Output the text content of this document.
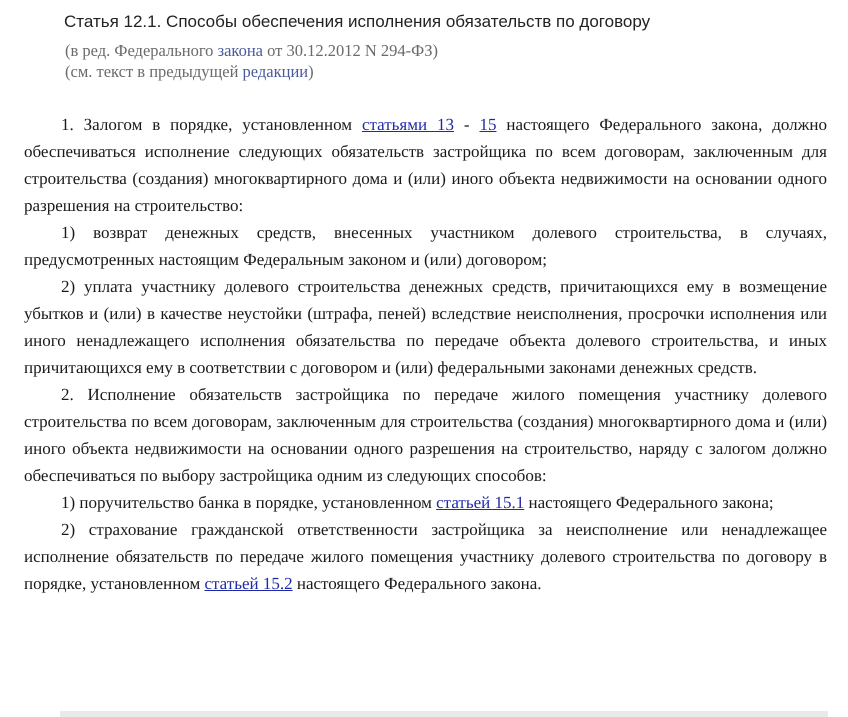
Статья 12.1. Способы обеспечения исполнения обязательств по договору
(в ред. Федерального закона от 30.12.2012 N 294-ФЗ)
(см. текст в предыдущей редакции)

1. Залогом в порядке, установленном статьями 13 - 15 настоящего Федерального закона, должно обеспечиваться исполнение следующих обязательств застройщика по всем договорам, заключенным для строительства (создания) многоквартирного дома и (или) иного объекта недвижимости на основании одного разрешения на строительство:

1) возврат денежных средств, внесенных участником долевого строительства, в случаях, предусмотренных настоящим Федеральным законом и (или) договором;

2) уплата участнику долевого строительства денежных средств, причитающихся ему в возмещение убытков и (или) в качестве неустойки (штрафа, пеней) вследствие неисполнения, просрочки исполнения или иного ненадлежащего исполнения обязательства по передаче объекта долевого строительства, и иных причитающихся ему в соответствии с договором и (или) федеральными законами денежных средств.

2. Исполнение обязательств застройщика по передаче жилого помещения участнику долевого строительства по всем договорам, заключенным для строительства (создания) многоквартирного дома и (или) иного объекта недвижимости на основании одного разрешения на строительство, наряду с залогом должно обеспечиваться по выбору застройщика одним из следующих способов:

1) поручительство банка в порядке, установленном статьей 15.1 настоящего Федерального закона;

2) страхование гражданской ответственности застройщика за неисполнение или ненадлежащее исполнение обязательств по передаче жилого помещения участнику долевого строительства по договору в порядке, установленном статьей 15.2 настоящего Федерального закона.
